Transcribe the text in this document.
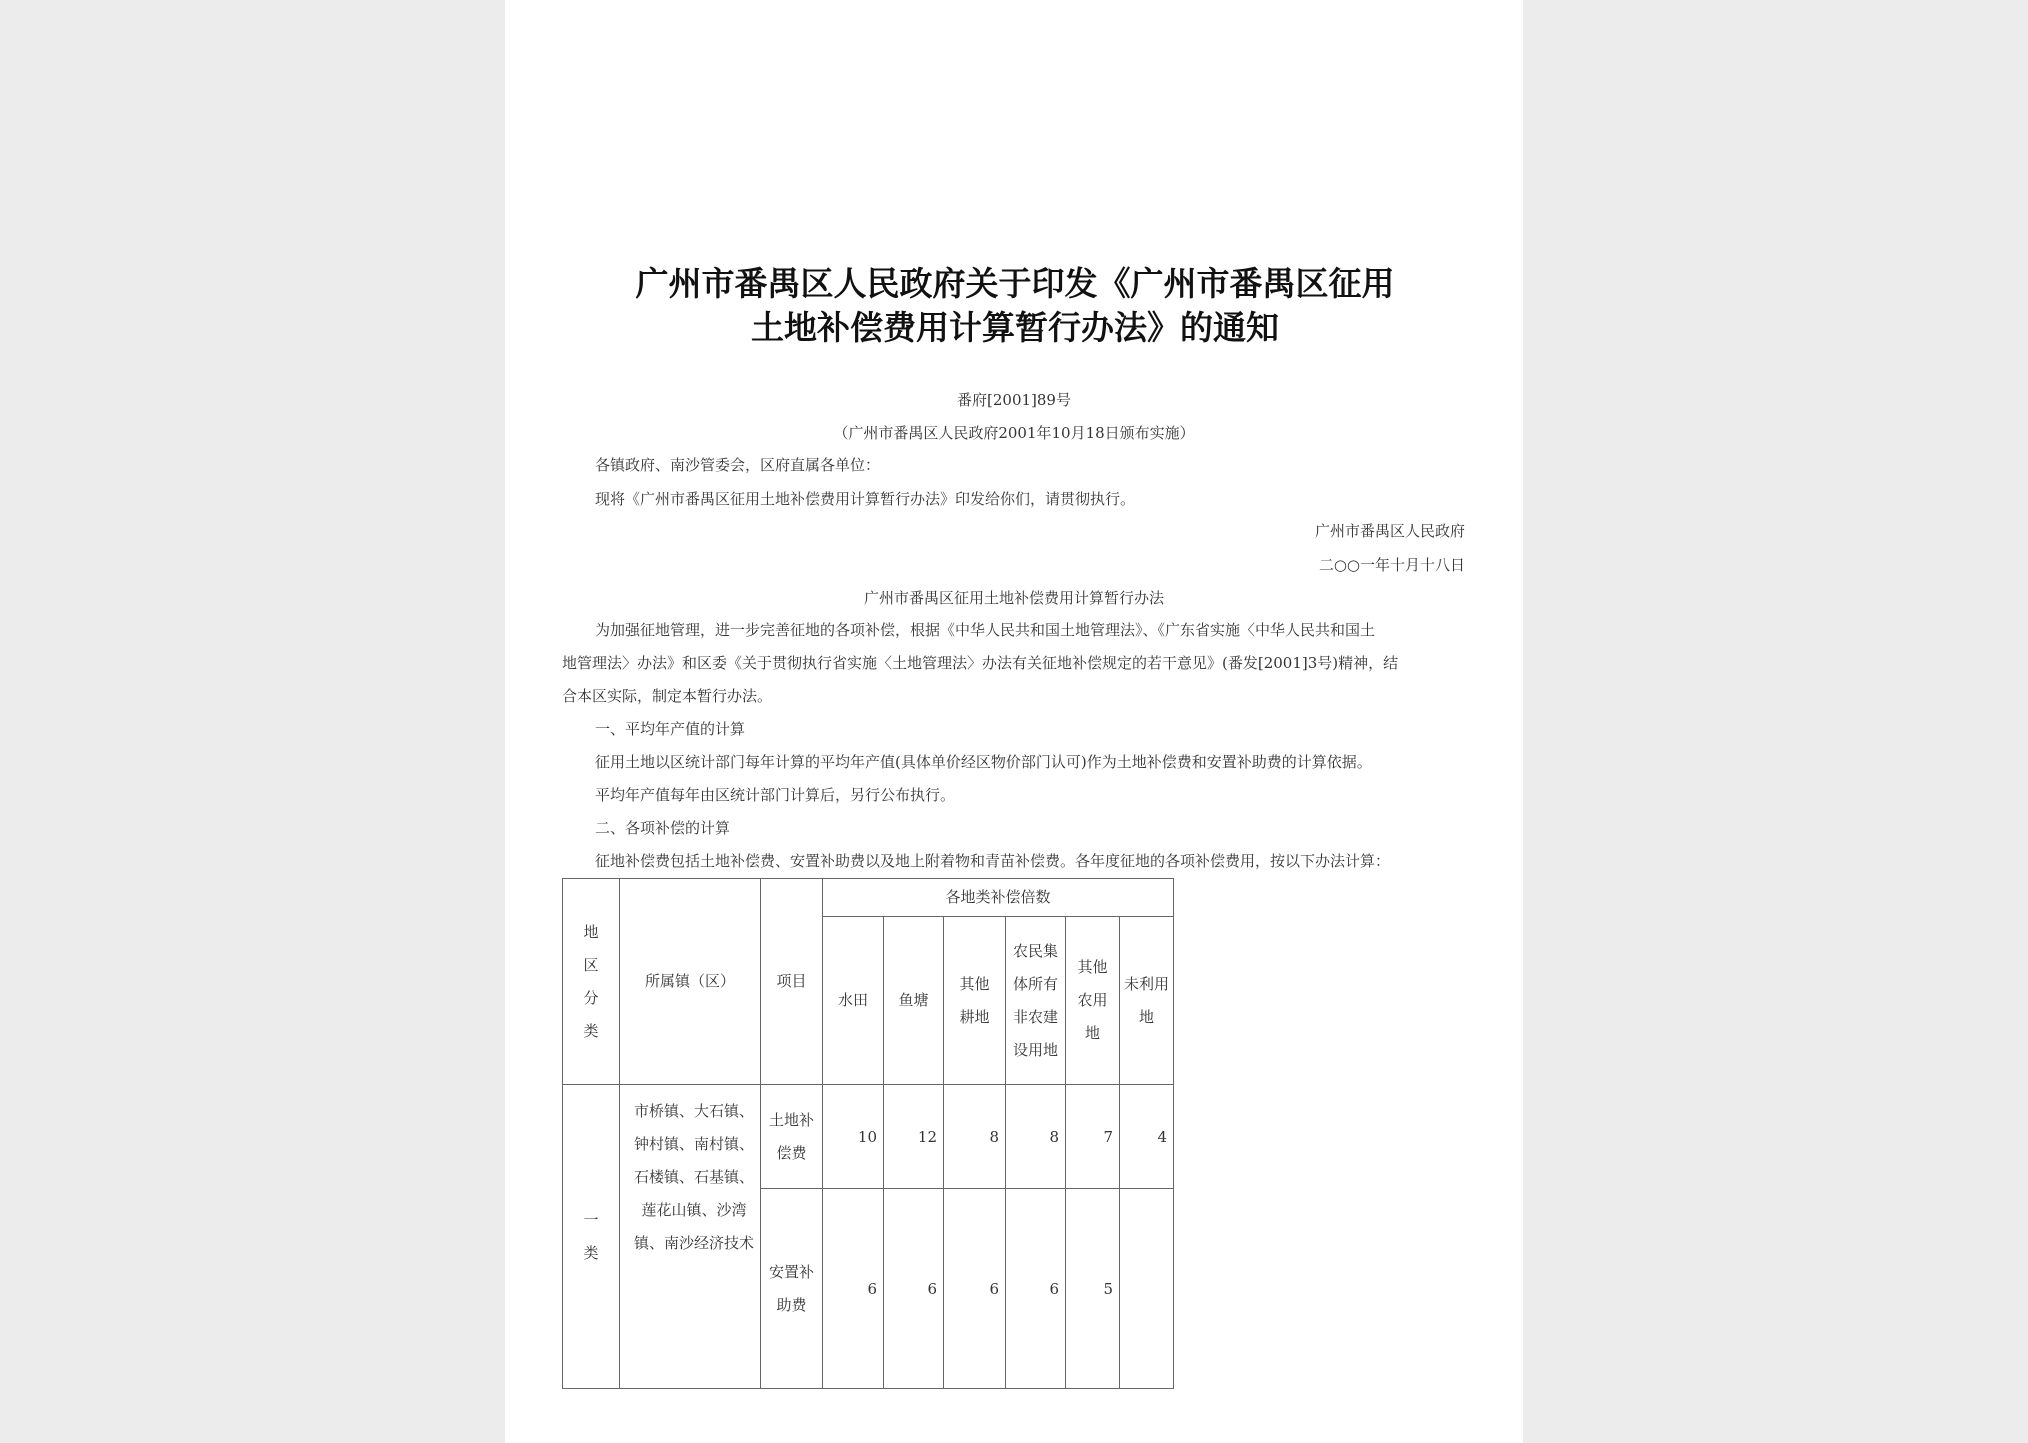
广州市番禺区人民政府关于印发《广州市番禺区征用
土地补偿费用计算暂行办法》的通知
番府[2001]89号
（广州市番禺区人民政府2001年10月18日颁布实施）
各镇政府、南沙管委会，区府直属各单位：
现将《广州市番禺区征用土地补偿费用计算暂行办法》印发给你们，请贯彻执行。
广州市番禺区人民政府
二○○一年十月十八日
广州市番禺区征用土地补偿费用计算暂行办法
为加强征地管理，进一步完善征地的各项补偿，根据《中华人民共和国土地管理法》、《广东省实施〈中华人民共和国土
地管理法〉办法》和区委《关于贯彻执行省实施〈土地管理法〉办法有关征地补偿规定的若干意见》(番发[2001]3号)精神，结
合本区实际，制定本暂行办法。
一、平均年产值的计算
征用土地以区统计部门每年计算的平均年产值(具体单价经区物价部门认可)作为土地补偿费和安置补助费的计算依据。
平均年产值每年由区统计部门计算后，另行公布执行。
二、各项补偿的计算
征地补偿费包括土地补偿费、安置补助费以及地上附着物和青苗补偿费。各年度征地的各项补偿费用，按以下办法计算：
地区分类	所属镇（区）	项目	各地类补偿倍数					
			水田	鱼塘	其他耕地	农民集体所有非农建设用地	其他农用地	未利用地
一类	市桥镇、大石镇、钟村镇、南村镇、石楼镇、石基镇、莲花山镇、沙湾镇、南沙经济技术	土地补偿费	10	12	8	8	7	4
		安置补助费	6	6	6	6	5	
